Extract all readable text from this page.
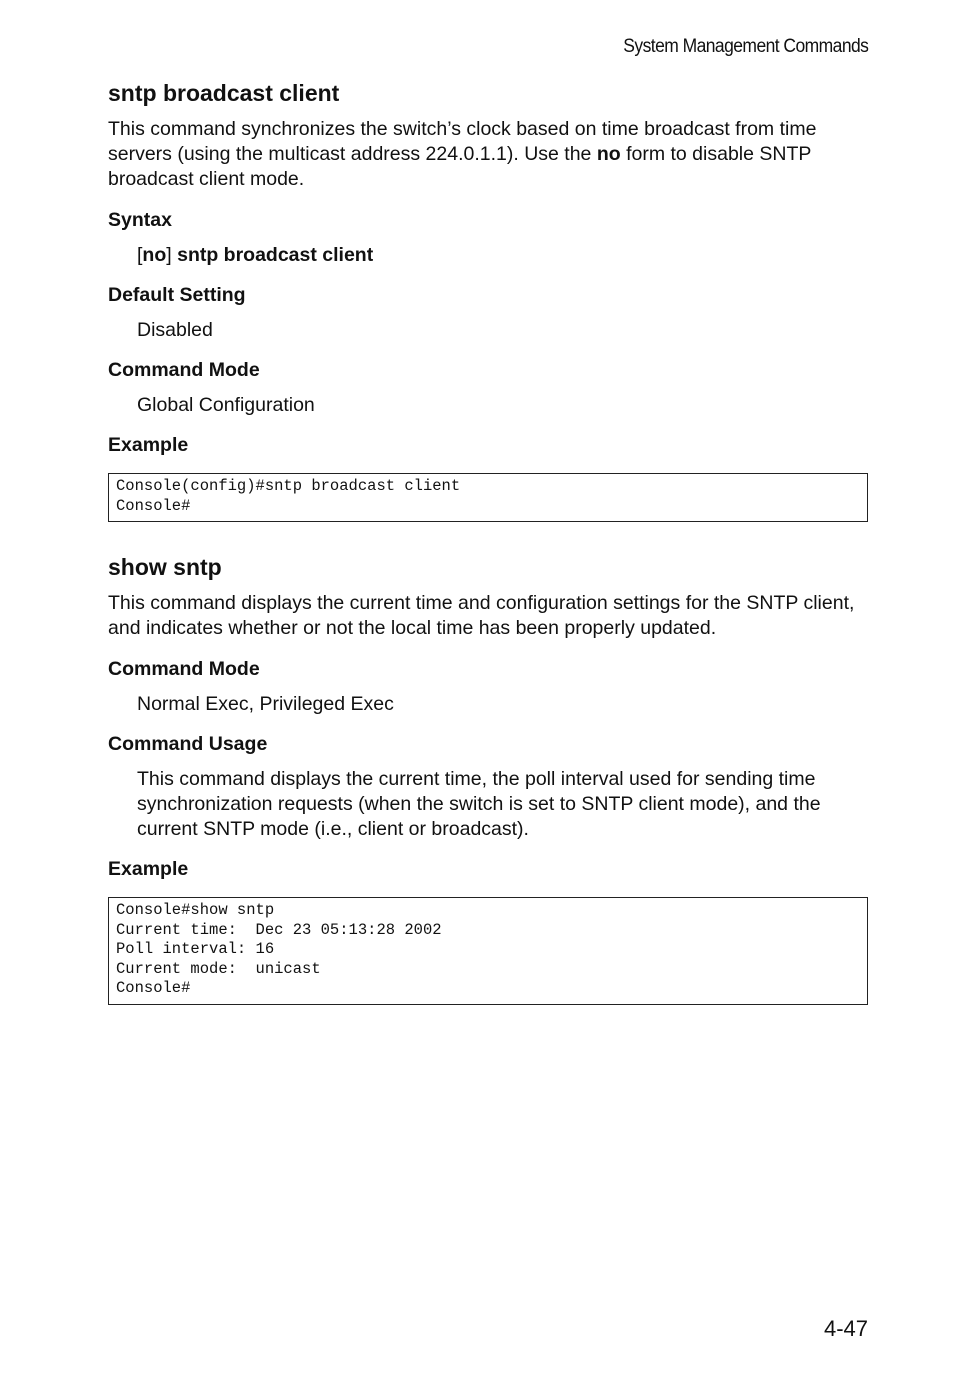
System Management Commands
sntp broadcast client

This command synchronizes the switch’s clock based on time broadcast from time servers (using the multicast address 224.0.1.1). Use the no form to disable SNTP broadcast client mode.

Syntax
[no] sntp broadcast client
Default Setting
Disabled
Command Mode
Global Configuration
Example
Console(config)#sntp broadcast client
Console#
show sntp

This command displays the current time and configuration settings for the SNTP client, and indicates whether or not the local time has been properly updated.

Command Mode
Normal Exec, Privileged Exec
Command Usage
This command displays the current time, the poll interval used for sending time synchronization requests (when the switch is set to SNTP client mode), and the current SNTP mode (i.e., client or broadcast).
Example
Console#show sntp
Current time:  Dec 23 05:13:28 2002
Poll interval: 16
Current mode:  unicast
Console#
4-47
